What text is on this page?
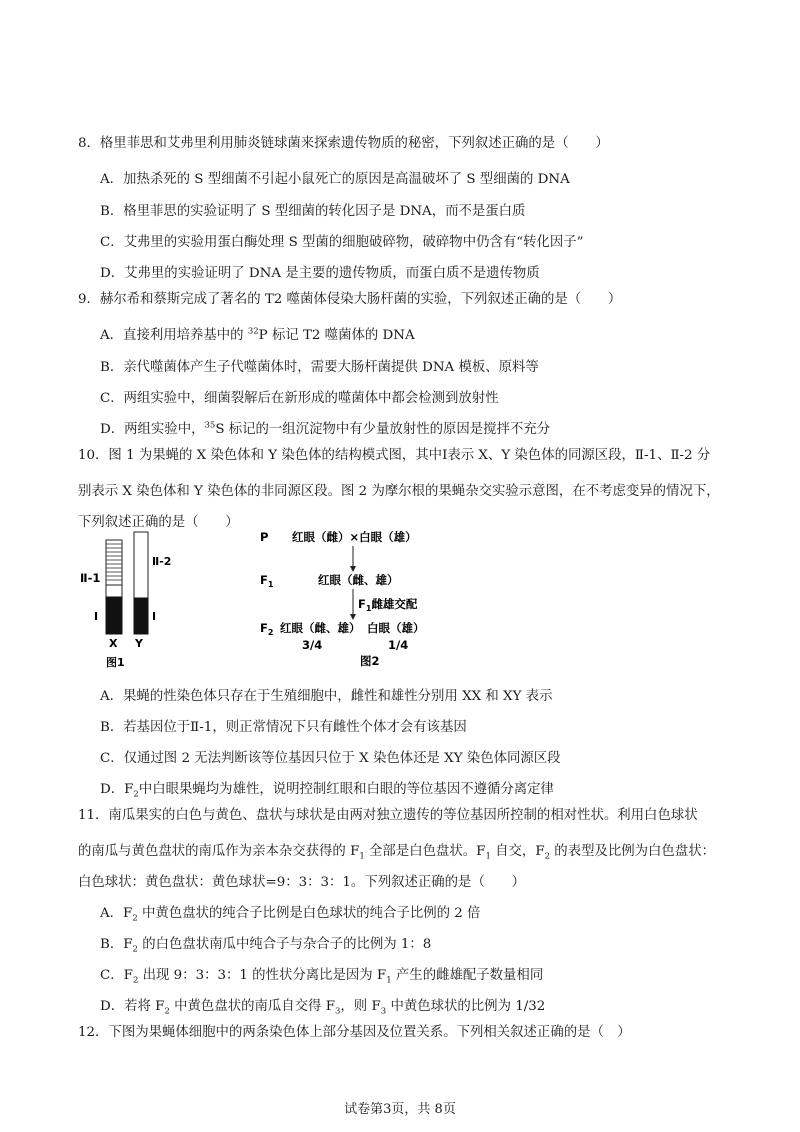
8．格里菲思和艾弗里利用肺炎链球菌来探索遗传物质的秘密，下列叙述正确的是（　　）
A．加热杀死的 S 型细菌不引起小鼠死亡的原因是高温破坏了 S 型细菌的 DNA
B．格里菲思的实验证明了 S 型细菌的转化因子是 DNA，而不是蛋白质
C．艾弗里的实验用蛋白酶处理 S 型菌的细胞破碎物，破碎物中仍含有“转化因子”
D．艾弗里的实验证明了 DNA 是主要的遗传物质，而蛋白质不是遗传物质
9．赫尔希和蔡斯完成了著名的 T2 噬菌体侵染大肠杆菌的实验，下列叙述正确的是（　　）
A．直接利用培养基中的 $^{32}$P 标记 T2 噬菌体的 DNA
B．亲代噬菌体产生子代噬菌体时，需要大肠杆菌提供 DNA 模板、原料等
C．两组实验中，细菌裂解后在新形成的噬菌体中都会检测到放射性
D．两组实验中，$^{35}$S 标记的一组沉淀物中有少量放射性的原因是搅拌不充分
10．图 1 为果蝇的 X 染色体和 Y 染色体的结构模式图，其中Ⅰ表示 X、Y 染色体的同源区段，Ⅱ-1、Ⅱ-2 分
别表示 X 染色体和 Y 染色体的非同源区段。图 2 为摩尔根的果蝇杂交实验示意图，在不考虑变异的情况下，
下列叙述正确的是（　　）
Ⅱ-1
Ⅱ-2
Ⅰ	Ⅰ
X Y
图1
P 红眼（雌）×白眼（雄）
$F_1$	红眼（雌、雄）
$F_1$雌雄交配
$F_2$ 红眼（雌、雄） 白眼（雄）
3/4	1/4
图2
A．果蝇的性染色体只存在于生殖细胞中，雌性和雄性分别用 XX 和 XY 表示
B．若基因位于Ⅱ-1，则正常情况下只有雌性个体才会有该基因
C．仅通过图 2 无法判断该等位基因只位于 X 染色体还是 XY 染色体同源区段
D．$F_2$中白眼果蝇均为雄性，说明控制红眼和白眼的等位基因不遵循分离定律
11．南瓜果实的白色与黄色、盘状与球状是由两对独立遗传的等位基因所控制的相对性状。利用白色球状
的南瓜与黄色盘状的南瓜作为亲本杂交获得的 $F_1$ 全部是白色盘状。$F_1$ 自交，$F_2$ 的表型及比例为白色盘状：
白色球状：黄色盘状：黄色球状=9：3：3：1。下列叙述正确的是（　　）
A．$F_2$ 中黄色盘状的纯合子比例是白色球状的纯合子比例的 2 倍
B．$F_2$ 的白色盘状南瓜中纯合子与杂合子的比例为 1：8
C．$F_2$ 出现 9：3：3：1 的性状分离比是因为 $F_1$ 产生的雌雄配子数量相同
D．若将 $F_2$ 中黄色盘状的南瓜自交得 $F_3$，则 $F_3$ 中黄色球状的比例为 1/32
12．下图为果蝇体细胞中的两条染色体上部分基因及位置关系。下列相关叙述正确的是（　）
试卷第3页，共 8页
